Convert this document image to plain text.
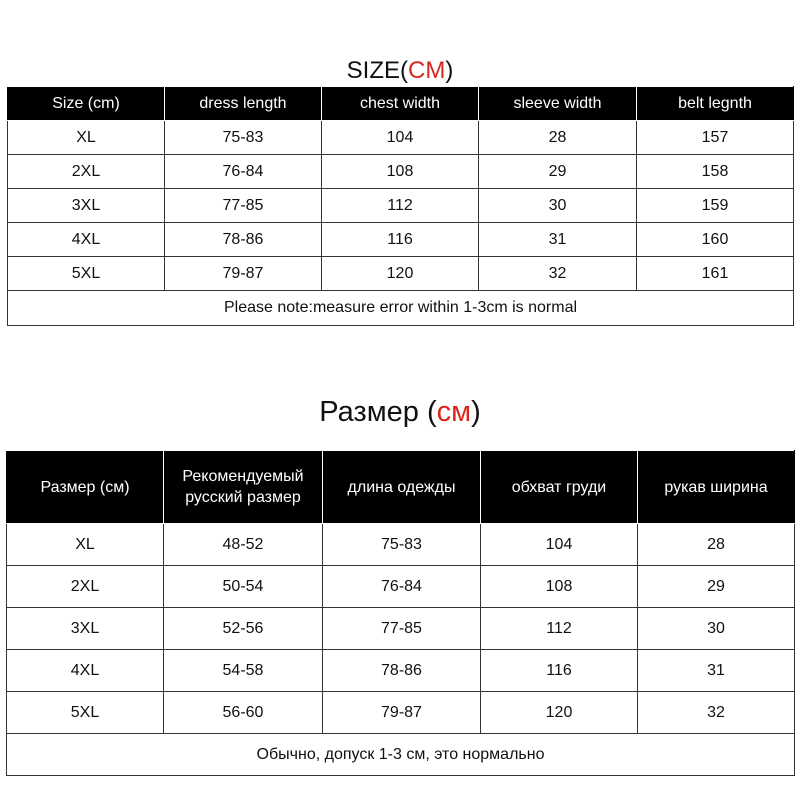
SIZE(CM)
Size (cm)	dress length	chest width	sleeve width	belt legnth
XL	75-83	104	28	157
2XL	76-84	108	29	158
3XL	77-85	112	30	159
4XL	78-86	116	31	160
5XL	79-87	120	32	161
Please note:measure error within 1-3cm is normal				
Размер (см)
Размер (см)	Рекомендуемый русский размер	длина одежды	обхват груди	рукав ширина
XL	48-52	75-83	104	28
2XL	50-54	76-84	108	29
3XL	52-56	77-85	112	30
4XL	54-58	78-86	116	31
5XL	56-60	79-87	120	32
Обычно, допуск 1-3 см, это нормально				
